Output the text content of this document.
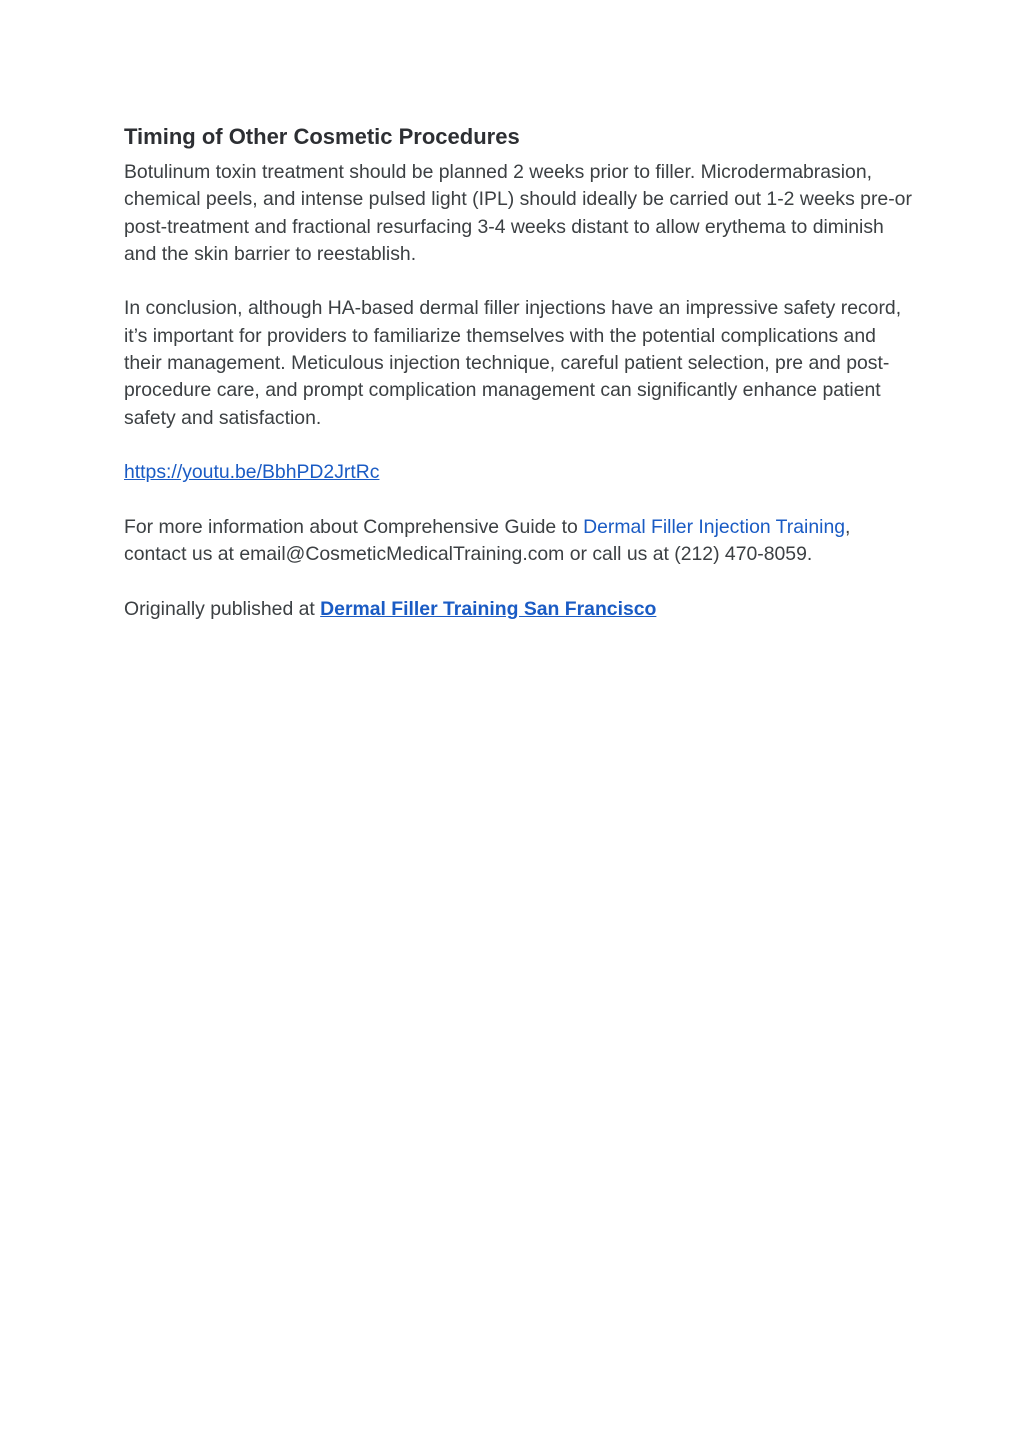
Timing of Other Cosmetic Procedures

Botulinum toxin treatment should be planned 2 weeks prior to filler. Microdermabrasion, chemical peels, and intense pulsed light (IPL) should ideally be carried out 1-2 weeks pre-or post-treatment and fractional resurfacing 3-4 weeks distant to allow erythema to diminish and the skin barrier to reestablish.

In conclusion, although HA-based dermal filler injections have an impressive safety record, it’s important for providers to familiarize themselves with the potential complications and their management. Meticulous injection technique, careful patient selection, pre and post-procedure care, and prompt complication management can significantly enhance patient safety and satisfaction.

https://youtu.be/BbhPD2JrtRc

For more information about Comprehensive Guide to Dermal Filler Injection Training, contact us at email@CosmeticMedicalTraining.com or call us at (212) 470-8059.

Originally published at Dermal Filler Training San Francisco
